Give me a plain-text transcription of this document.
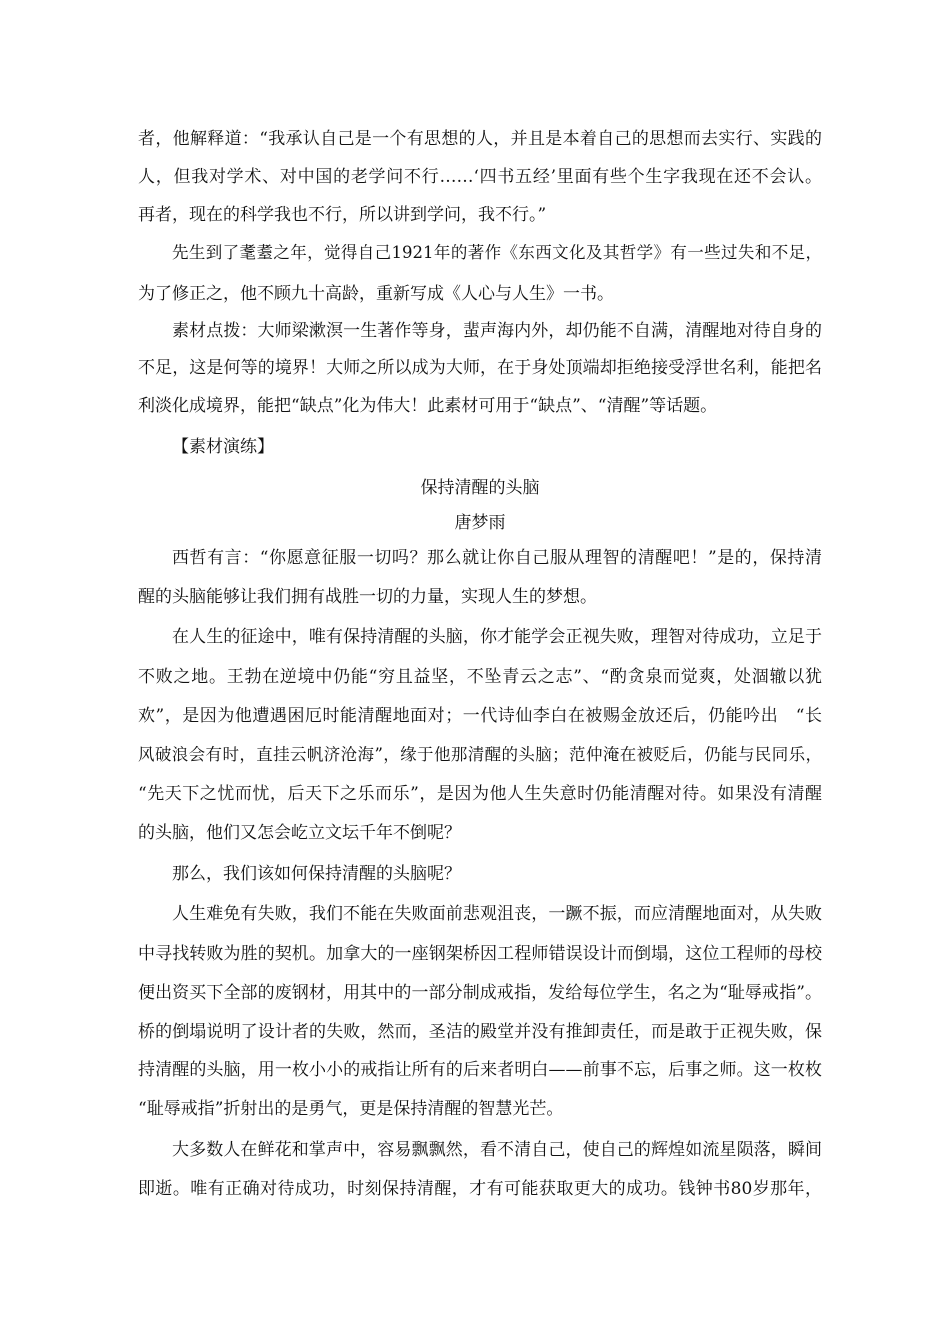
者，他解释道：“我承认自己是一个有思想的人，并且是本着自己的思想而去实行、实践的
人，但我对学术、对中国的老学问不行……‘四书五经’里面有些个生字我现在还不会认。
再者，现在的科学我也不行，所以讲到学问，我不行。”
先生到了耄耋之年，觉得自己1921年的著作《东西文化及其哲学》有一些过失和不足，
为了修正之，他不顾九十高龄，重新写成《人心与人生》一书。
素材点拨：大师梁漱溟一生著作等身，蜚声海内外，却仍能不自满，清醒地对待自身的
不足，这是何等的境界！大师之所以成为大师，在于身处顶端却拒绝接受浮世名利，能把名
利淡化成境界，能把“缺点”化为伟大！此素材可用于“缺点”、“清醒”等话题。
【素材演练】
保持清醒的头脑
唐梦雨
西哲有言：“你愿意征服一切吗？那么就让你自己服从理智的清醒吧！”是的，保持清
醒的头脑能够让我们拥有战胜一切的力量，实现人生的梦想。
在人生的征途中，唯有保持清醒的头脑，你才能学会正视失败，理智对待成功，立足于
不败之地。王勃在逆境中仍能“穷且益坚，不坠青云之志”、“酌贪泉而觉爽，处涸辙以犹
欢”，是因为他遭遇困厄时能清醒地面对；一代诗仙李白在被赐金放还后，仍能吟出　“长
风破浪会有时，直挂云帆济沧海”，缘于他那清醒的头脑；范仲淹在被贬后，仍能与民同乐，
“先天下之忧而忧，后天下之乐而乐”，是因为他人生失意时仍能清醒对待。如果没有清醒
的头脑，他们又怎会屹立文坛千年不倒呢？
那么，我们该如何保持清醒的头脑呢？
人生难免有失败，我们不能在失败面前悲观沮丧，一蹶不振，而应清醒地面对，从失败
中寻找转败为胜的契机。加拿大的一座钢架桥因工程师错误设计而倒塌，这位工程师的母校
便出资买下全部的废钢材，用其中的一部分制成戒指，发给每位学生，名之为“耻辱戒指”。
桥的倒塌说明了设计者的失败，然而，圣洁的殿堂并没有推卸责任，而是敢于正视失败，保
持清醒的头脑，用一枚小小的戒指让所有的后来者明白——前事不忘，后事之师。这一枚枚
“耻辱戒指”折射出的是勇气，更是保持清醒的智慧光芒。
大多数人在鲜花和掌声中，容易飘飘然，看不清自己，使自己的辉煌如流星陨落，瞬间
即逝。唯有正确对待成功，时刻保持清醒，才有可能获取更大的成功。钱钟书80岁那年，
